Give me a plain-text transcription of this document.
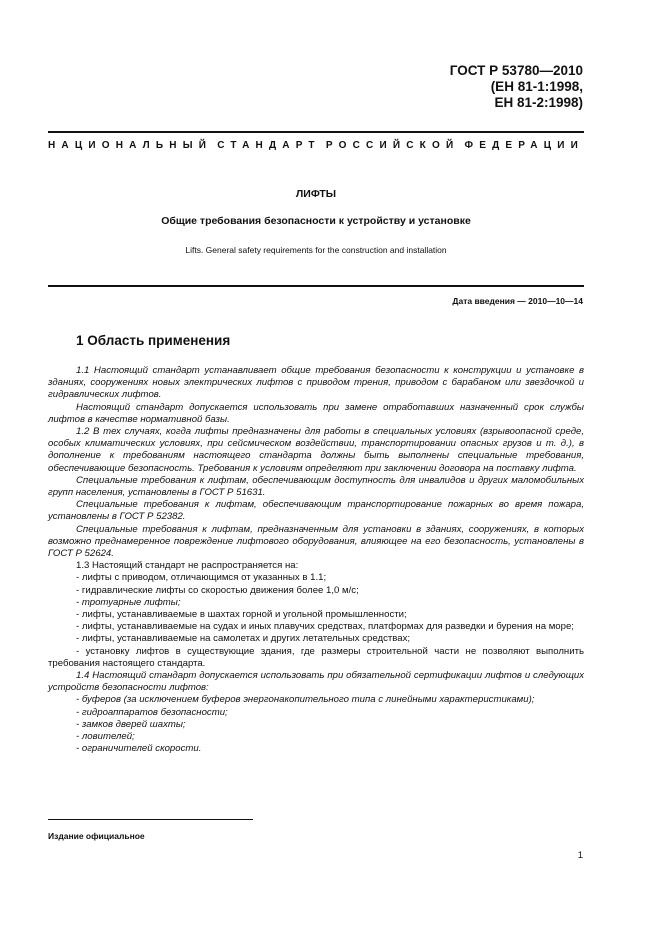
ГОСТ Р 53780—2010
(ЕН 81-1:1998,
ЕН 81-2:1998)
НАЦИОНАЛЬНЫЙ СТАНДАРТ РОССИЙСКОЙ ФЕДЕРАЦИИ
ЛИФТЫ
Общие требования безопасности к устройству и установке
Lifts. General safety requirements for the construction and installation
Дата введения — 2010—10—14
1 Область применения

1.1 Настоящий стандарт устанавливает общие требования безопасности к конструкции и установке в зданиях, сооружениях новых электрических лифтов с приводом трения, приводом с барабаном или звездочкой и гидравлических лифтов.

Настоящий стандарт допускается использовать при замене отработавших назначенный срок службы лифтов в качестве нормативной базы.

1.2 В тех случаях, когда лифты предназначены для работы в специальных условиях (взрывоопасной среде, особых климатических условиях, при сейсмическом воздействии, транспортировании опасных грузов и т. д.), в дополнение к требованиям настоящего стандарта должны быть выполнены специальные требования, обеспечивающие безопасность. Требования к условиям определяют при заключении договора на поставку лифта.

Специальные требования к лифтам, обеспечивающим доступность для инвалидов и других маломобильных групп населения, установлены в ГОСТ Р 51631.

Специальные требования к лифтам, обеспечивающим транспортирование пожарных во время пожара, установлены в ГОСТ Р 52382.

Специальные требования к лифтам, предназначенным для установки в зданиях, сооружениях, в которых возможно преднамеренное повреждение лифтового оборудования, влияющее на его безопасность, установлены в ГОСТ Р 52624.

1.3 Настоящий стандарт не распространяется на:

- лифты с приводом, отличающимся от указанных в 1.1;

- гидравлические лифты со скоростью движения более 1,0 м/с;

- тротуарные лифты;

- лифты, устанавливаемые в шахтах горной и угольной промышленности;

- лифты, устанавливаемые на судах и иных плавучих средствах, платформах для разведки и бурения на море;

- лифты, устанавливаемые на самолетах и других летательных средствах;

- установку лифтов в существующие здания, где размеры строительной части не позволяют выполнить требования настоящего стандарта.

1.4 Настоящий стандарт допускается использовать при обязательной сертификации лифтов и следующих устройств безопасности лифтов:

- буферов (за исключением буферов энергонакопительного типа с линейными характеристиками);

- гидроаппаратов безопасности;

- замков дверей шахты;

- ловителей;

- ограничителей скорости.

Издание официальное
1
